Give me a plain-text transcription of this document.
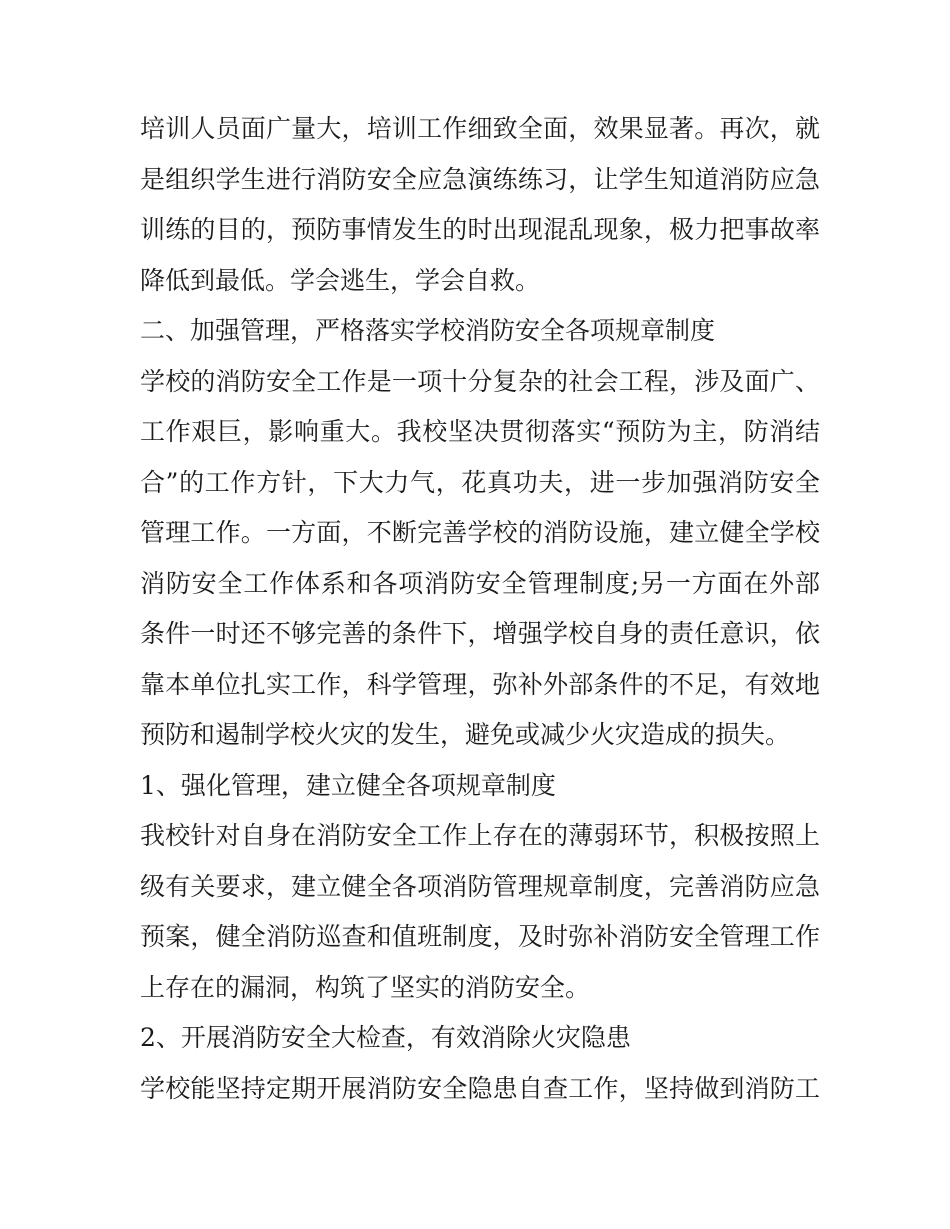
培训人员面广量大，培训工作细致全面，效果显著。再次，就
是组织学生进行消防安全应急演练练习，让学生知道消防应急
训练的目的，预防事情发生的时出现混乱现象，极力把事故率
降低到最低。学会逃生，学会自救。
二、加强管理，严格落实学校消防安全各项规章制度
学校的消防安全工作是一项十分复杂的社会工程，涉及面广、
工作艰巨，影响重大。我校坚决贯彻落实“预防为主，防消结
合”的工作方针，下大力气，花真功夫，进一步加强消防安全
管理工作。一方面，不断完善学校的消防设施，建立健全学校
消防安全工作体系和各项消防安全管理制度;另一方面在外部
条件一时还不够完善的条件下，增强学校自身的责任意识，依
靠本单位扎实工作，科学管理，弥补外部条件的不足，有效地
预防和遏制学校火灾的发生，避免或减少火灾造成的损失。
1、强化管理，建立健全各项规章制度
我校针对自身在消防安全工作上存在的薄弱环节，积极按照上
级有关要求，建立健全各项消防管理规章制度，完善消防应急
预案，健全消防巡查和值班制度，及时弥补消防安全管理工作
上存在的漏洞，构筑了坚实的消防安全。
2、开展消防安全大检查，有效消除火灾隐患
学校能坚持定期开展消防安全隐患自查工作，坚持做到消防工
